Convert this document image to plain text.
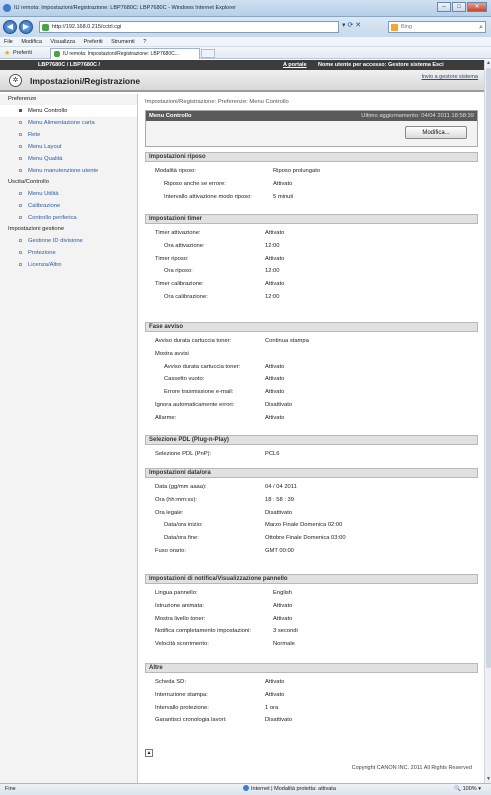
IU remota: Impostazioni/Registrazione: LBP7680C: LBP7680C - Windows Internet Explorer	–	□	✕
◀	▶	http://192.168.0.215/cctrl.cgi	▾ ⟳ ✕	Bing	⌕
File Modifica Visualizza Preferiti Strumenti ?
★ Preferiti	IU remota: Impostazioni/Registrazione: LBP7680C...
LBP7680C / LBP7680C /	A portale Nome utente per accesso: Gestore sistema Esci
✲	Impostazioni/Registrazione	Invio a gestore sistema
Preferenze
Menu Controllo
Menu Alimentazione carta
Rete
Menu Layout
Menu Qualità
Menu manutenzione utente
Uscita/Controllo
Menu Utilità
Calibrazione
Controllo periferica
Impostazioni gestione
Gestione ID divisione
Protezione
Licenza/Altro
Impostazioni/Registrazione: Preferenze: Menu Controllo
Menu Controllo	Ultimo aggiornamento: 04/04 2011 18:58:39
Modifica...
Impostazioni riposo
Modalità riposo:	Riposo prolungato
Riposo anche se errore:	Attivato
Intervallo attivazione modo riposo:	5 minuti
Impostazioni timer
Timer attivazione:	Attivato
Ora attivazione:	12:00
Timer riposo:	Attivato
Ora riposo:	12:00
Timer calibrazione:	Attivato
Ora calibrazione:	12:00
Fase avviso
Avviso durata cartuccia toner:	Continua stampa
Mostra avvisi
Avviso durata cartuccia toner:	Attivato
Cassetto vuoto:	Attivato
Errore trasmissione e-mail:	Attivato
Ignora automaticamente errori:	Disattivato
Allarme:	Attivato
Selezione PDL (Plug-n-Play)
Selezione PDL (PnP):	PCL6
Impostazioni data/ora
Data (gg/mm aaaa):	04 / 04 2011
Ora (hh:mm:ss):	18 : 58 : 39
Ora legale:	Disattivato
Data/ora inizio:	Marzo Finale Domenica 02:00
Data/ora fine:	Ottobre Finale Domenica 03:00
Fuso orario:	GMT 00:00
Impostazioni di notifica/Visualizzazione pannello
Lingua pannello:	English
Istruzione animata:	Attivato
Mostra livello toner:	Attivato
Notifica completamento impostazioni:	3 secondi
Velocità scorrimento:	Normale
Altre
Scheda SD:	Attivato
Interruzione stampa:	Attivato
Intervallo protezione:	1 ora
Garantisci cronologia lavori:	Disattivato
▲
Copyright CANON INC. 2011 All Rights Reserved
▲
▼
Fine	Internet | Modalità protetta: attivata	🔍 100% ▾
